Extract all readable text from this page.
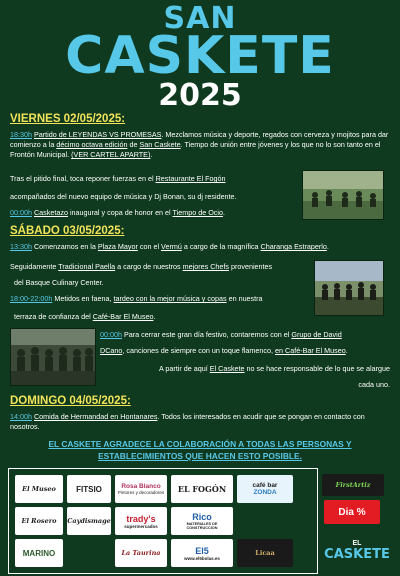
SAN
CASKETE
2025
VIERNES 02/05/2025:
18:30h Partido de LEYENDAS VS PROMESAS. Mezclamos música y deporte, regados con cerveza y mojitos para dar comienzo a la décimo octava edición de San Caskete. Tiempo de unión entre jóvenes y los que no lo son tanto en el Frontón Municipal. (VER CARTEL APARTE).
Tras el pitido final, toca reponer fuerzas en el Restaurante El Fogón
acompañados del nuevo equipo de música y Dj Bonan, su dj residente.
00:00h Casketazo inaugural y copa de honor en el Tiempo de Ocio.
SÁBADO 03/05/2025:
13:30h Comenzamos en la Plaza Mayor con el Vermú a cargo de la magnífica Charanga Estraperlo.
Seguidamente Tradicional Paella a cargo de nuestros mejores Chefs provenientes
del Basque Culinary Center.
18:00-22:00h Metidos en faena, tardeo con la mejor música y copas en nuestra
terraza de confianza del Café-Bar El Museo.
00:00h Para cerrar este gran día festivo, contaremos con el Grupo de David
DCano, canciones de siempre con un toque flamenco, en Café-Bar El Museo.
A partir de aquí El Caskete no se hace responsable de lo que se alargue
cada uno.
DOMINGO 04/05/2025:
14:00h Comida de Hermandad en Hontanares. Todos los interesados en acudir que se pongan en contacto con nosotros.
EL CASKETE AGRADECE LA COLABORACIÓN A TODAS LAS PERSONAS Y
ESTABLECIMIENTOS QUE HACEN ESTO POSIBLE.
El Museo	FITSIO	Rosa Blanco
Pintores y decoradores	EL FOGÓN	café bar
ZONDA
El Rosero	Caydismage trady's
supermercados
Rico
MATERIALES DE CONSTRUCCION
MARINO	La Taurina	El5
www.el5bolas.es
Licaa
FirstArtiz
Dia %
EL
CASKETE
